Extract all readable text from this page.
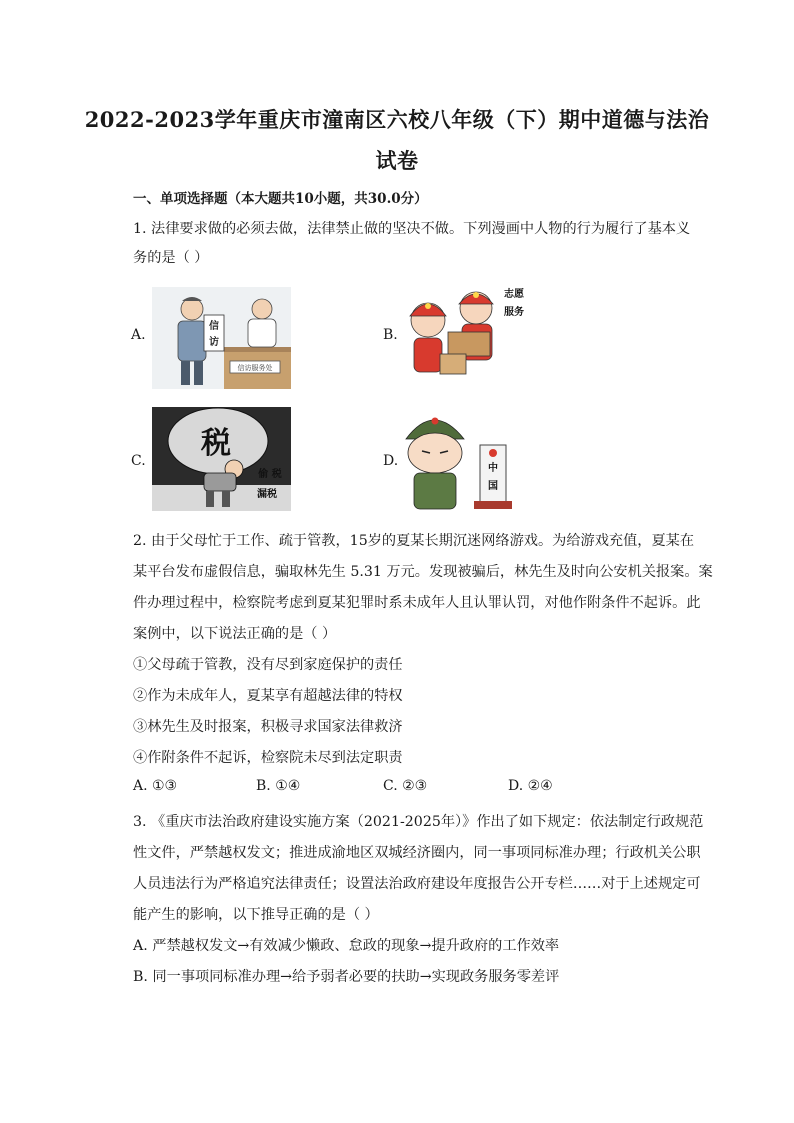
2022-2023学年重庆市潼南区六校八年级（下）期中道德与法治
试卷
一、单项选择题（本大题共10小题，共30.0分）
1. 法律要求做的必须去做，法律禁止做的坚决不做。下列漫画中人物的行为履行了基本义
务的是（ ）
A.
信访服务处
信
访	B.
志愿
服务
C. 税
偷 税
漏税
D.	中
国
2. 由于父母忙于工作、疏于管教，15岁的夏某长期沉迷网络游戏。为给游戏充值，夏某在
某平台发布虚假信息，骗取林先生 5.31 万元。发现被骗后，林先生及时向公安机关报案。案
件办理过程中，检察院考虑到夏某犯罪时系未成年人且认罪认罚，对他作附条件不起诉。此
案例中，以下说法正确的是（ ）
①父母疏于管教，没有尽到家庭保护的责任
②作为未成年人，夏某享有超越法律的特权
③林先生及时报案，积极寻求国家法律救济
④作附条件不起诉，检察院未尽到法定职责
A. ①③	B. ①④	C. ②③	D. ②④
3. 《重庆市法治政府建设实施方案（2021-2025年）》作出了如下规定：依法制定行政规范
性文件，严禁越权发文；推进成渝地区双城经济圈内，同一事项同标准办理；行政机关公职
人员违法行为严格追究法律责任；设置法治政府建设年度报告公开专栏……对于上述规定可
能产生的影响，以下推导正确的是（ ）
A. 严禁越权发文→有效减少懒政、怠政的现象→提升政府的工作效率
B. 同一事项同标准办理→给予弱者必要的扶助→实现政务服务零差评
